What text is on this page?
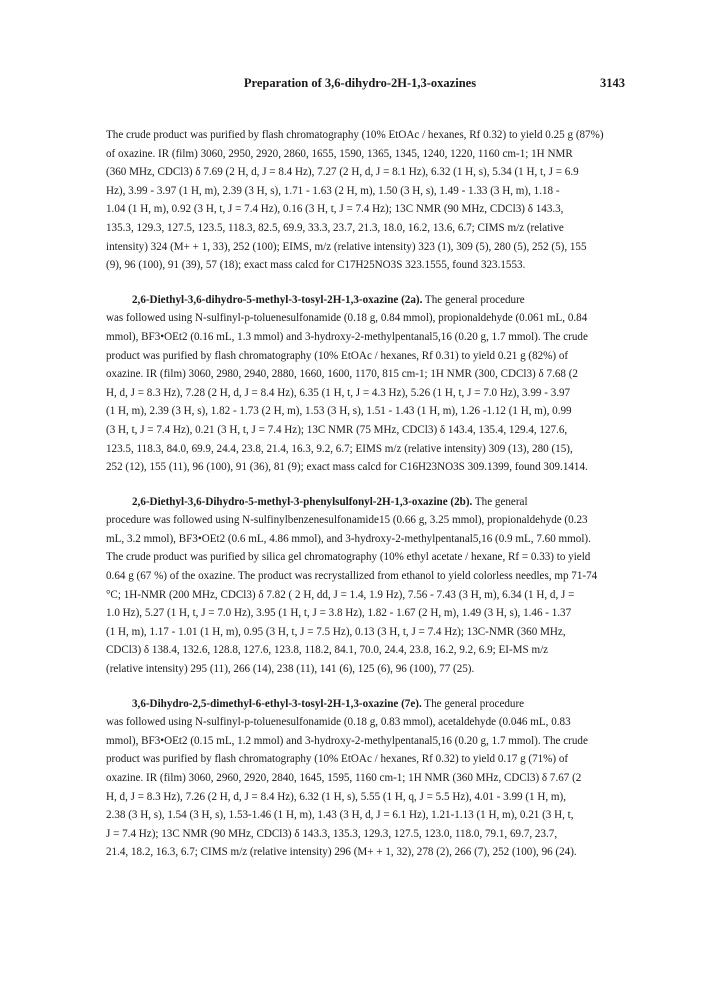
Preparation of 3,6-dihydro-2H-1,3-oxazines	3143

The crude product was purified by flash chromatography (10% EtOAc / hexanes, Rf 0.32) to yield 0.25 g (87%)
of oxazine. IR (film) 3060, 2950, 2920, 2860, 1655, 1590, 1365, 1345, 1240, 1220, 1160 cm-1; 1H NMR
(360 MHz, CDCl3) δ 7.69 (2 H, d, J = 8.4 Hz), 7.27 (2 H, d, J = 8.1 Hz), 6.32 (1 H, s), 5.34 (1 H, t, J = 6.9
Hz), 3.99 - 3.97 (1 H, m), 2.39 (3 H, s), 1.71 - 1.63 (2 H, m), 1.50 (3 H, s), 1.49 - 1.33 (3 H, m), 1.18 -
1.04 (1 H, m), 0.92 (3 H, t, J = 7.4 Hz), 0.16 (3 H, t, J = 7.4 Hz); 13C NMR (90 MHz, CDCl3) δ 143.3,
135.3, 129.3, 127.5, 123.5, 118.3, 82.5, 69.9, 33.3, 23.7, 21.3, 18.0, 16.2, 13.6, 6.7; CIMS m/z (relative
intensity) 324 (M+ + 1, 33), 252 (100); EIMS, m/z (relative intensity) 323 (1), 309 (5), 280 (5), 252 (5), 155
(9), 96 (100), 91 (39), 57 (18); exact mass calcd for C17H25NO3S 323.1555, found 323.1553.

2,6-Diethyl-3,6-dihydro-5-methyl-3-tosyl-2H-1,3-oxazine (2a). The general procedure
was followed using N-sulfinyl-p-toluenesulfonamide (0.18 g, 0.84 mmol), propionaldehyde (0.061 mL, 0.84
mmol), BF3•OEt2 (0.16 mL, 1.3 mmol) and 3-hydroxy-2-methylpentanal5,16 (0.20 g, 1.7 mmol). The crude
product was purified by flash chromatography (10% EtOAc / hexanes, Rf 0.31) to yield 0.21 g (82%) of
oxazine. IR (film) 3060, 2980, 2940, 2880, 1660, 1600, 1170, 815 cm-1; 1H NMR (300, CDCl3) δ 7.68 (2
H, d, J = 8.3 Hz), 7.28 (2 H, d, J = 8.4 Hz), 6.35 (1 H, t, J = 4.3 Hz), 5.26 (1 H, t, J = 7.0 Hz), 3.99 - 3.97
(1 H, m), 2.39 (3 H, s), 1.82 - 1.73 (2 H, m), 1.53 (3 H, s), 1.51 - 1.43 (1 H, m), 1.26 -1.12 (1 H, m), 0.99
(3 H, t, J = 7.4 Hz), 0.21 (3 H, t, J = 7.4 Hz); 13C NMR (75 MHz, CDCl3) δ 143.4, 135.4, 129.4, 127.6,
123.5, 118.3, 84.0, 69.9, 24.4, 23.8, 21.4, 16.3, 9.2, 6.7; EIMS m/z (relative intensity) 309 (13), 280 (15),
252 (12), 155 (11), 96 (100), 91 (36), 81 (9); exact mass calcd for C16H23NO3S 309.1399, found 309.1414.

2,6-Diethyl-3,6-Dihydro-5-methyl-3-phenylsulfonyl-2H-1,3-oxazine (2b). The general
procedure was followed using N-sulfinylbenzenesulfonamide15 (0.66 g, 3.25 mmol), propionaldehyde (0.23
mL, 3.2 mmol), BF3•OEt2 (0.6 mL, 4.86 mmol), and 3-hydroxy-2-methylpentanal5,16 (0.9 mL, 7.60 mmol).
The crude product was purified by silica gel chromatography (10% ethyl acetate / hexane, Rf = 0.33) to yield
0.64 g (67 %) of the oxazine. The product was recrystallized from ethanol to yield colorless needles, mp 71-74
°C; 1H-NMR (200 MHz, CDCl3) δ 7.82 ( 2 H, dd, J = 1.4, 1.9 Hz), 7.56 - 7.43 (3 H, m), 6.34 (1 H, d, J =
1.0 Hz), 5.27 (1 H, t, J = 7.0 Hz), 3.95 (1 H, t, J = 3.8 Hz), 1.82 - 1.67 (2 H, m), 1.49 (3 H, s), 1.46 - 1.37
(1 H, m), 1.17 - 1.01 (1 H, m), 0.95 (3 H, t, J = 7.5 Hz), 0.13 (3 H, t, J = 7.4 Hz); 13C-NMR (360 MHz,
CDCl3) δ 138.4, 132.6, 128.8, 127.6, 123.8, 118.2, 84.1, 70.0, 24.4, 23.8, 16.2, 9.2, 6.9; EI-MS m/z
(relative intensity) 295 (11), 266 (14), 238 (11), 141 (6), 125 (6), 96 (100), 77 (25).

3,6-Dihydro-2,5-dimethyl-6-ethyl-3-tosyl-2H-1,3-oxazine (7e). The general procedure
was followed using N-sulfinyl-p-toluenesulfonamide (0.18 g, 0.83 mmol), acetaldehyde (0.046 mL, 0.83
mmol), BF3•OEt2 (0.15 mL, 1.2 mmol) and 3-hydroxy-2-methylpentanal5,16 (0.20 g, 1.7 mmol). The crude
product was purified by flash chromatography (10% EtOAc / hexanes, Rf 0.32) to yield 0.17 g (71%) of
oxazine. IR (film) 3060, 2960, 2920, 2840, 1645, 1595, 1160 cm-1; 1H NMR (360 MHz, CDCl3) δ 7.67 (2
H, d, J = 8.3 Hz), 7.26 (2 H, d, J = 8.4 Hz), 6.32 (1 H, s), 5.55 (1 H, q, J = 5.5 Hz), 4.01 - 3.99 (1 H, m),
2.38 (3 H, s), 1.54 (3 H, s), 1.53-1.46 (1 H, m), 1.43 (3 H, d, J = 6.1 Hz), 1.21-1.13 (1 H, m), 0.21 (3 H, t,
J = 7.4 Hz); 13C NMR (90 MHz, CDCl3) δ 143.3, 135.3, 129.3, 127.5, 123.0, 118.0, 79.1, 69.7, 23.7,
21.4, 18.2, 16.3, 6.7; CIMS m/z (relative intensity) 296 (M+ + 1, 32), 278 (2), 266 (7), 252 (100), 96 (24).
